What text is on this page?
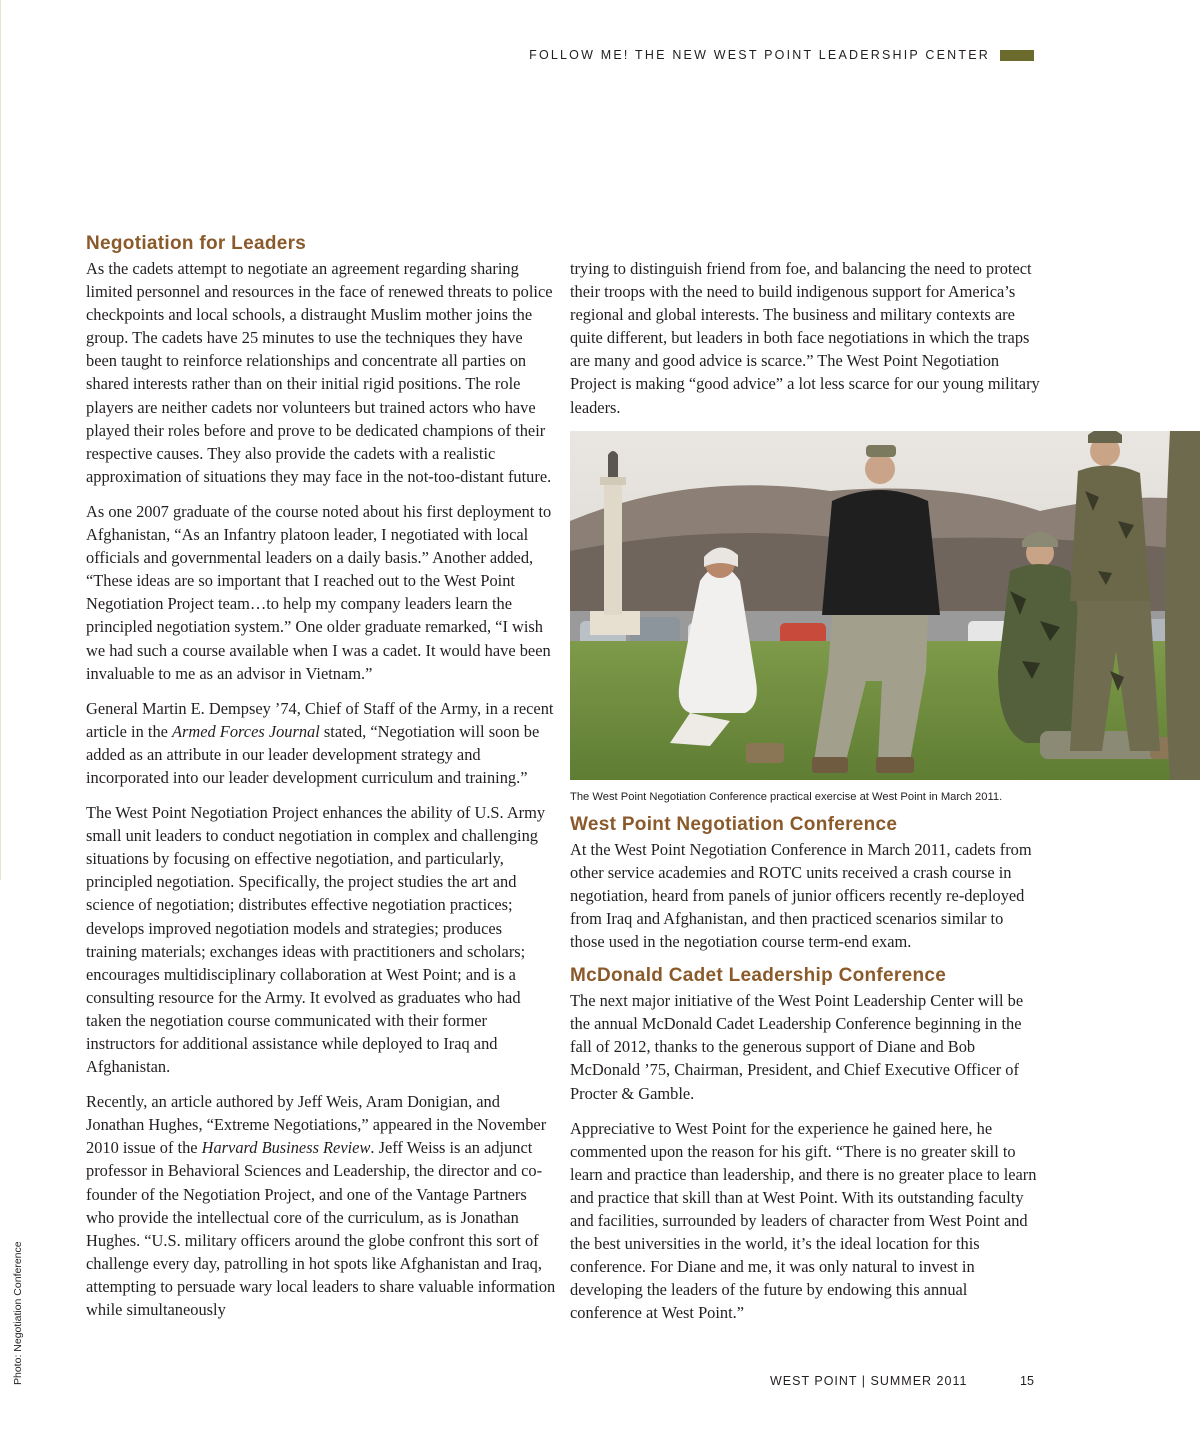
FOLLOW ME! THE NEW WEST POINT LEADERSHIP CENTER
Negotiation for Leaders

As the cadets attempt to negotiate an agreement regarding sharing limited personnel and resources in the face of renewed threats to police checkpoints and local schools, a distraught Muslim mother joins the group. The cadets have 25 minutes to use the techniques they have been taught to reinforce relationships and concentrate all parties on shared interests rather than on their initial rigid positions. The role players are neither cadets nor volunteers but trained actors who have played their roles before and prove to be dedicated champions of their respective causes. They also provide the cadets with a realistic approximation of situations they may face in the not-too-distant future.

As one 2007 graduate of the course noted about his first deployment to Afghanistan, “As an Infantry platoon leader, I negotiated with local officials and governmental leaders on a daily basis.” Another added, “These ideas are so important that I reached out to the West Point Negotiation Project team…to help my company leaders learn the principled negotiation system.” One older graduate remarked, “I wish we had such a course available when I was a cadet. It would have been invaluable to me as an advisor in Vietnam.”

General Martin E. Dempsey ’74, Chief of Staff of the Army, in a recent article in the Armed Forces Journal stated, “Negotiation will soon be added as an attribute in our leader development strategy and incorporated into our leader development curriculum and training.”

The West Point Negotiation Project enhances the ability of U.S. Army small unit leaders to conduct negotiation in complex and challenging situations by focusing on effective negotiation, and particularly, principled negotiation. Specifically, the project studies the art and science of negotiation; distributes effective negotiation practices; develops improved negotiation models and strategies; produces training materials; exchanges ideas with practitioners and scholars; encourages multidisciplinary collaboration at West Point; and is a consulting resource for the Army. It evolved as graduates who had taken the negotiation course communicated with their former instructors for additional assistance while deployed to Iraq and Afghanistan.

Recently, an article authored by Jeff Weis, Aram Donigian, and Jonathan Hughes, “Extreme Negotiations,” appeared in the November 2010 issue of the Harvard Business Review. Jeff Weiss is an adjunct professor in Behavioral Sciences and Leadership, the director and co-founder of the Negotiation Project, and one of the Vantage Partners who provide the intellectual core of the curriculum, as is Jonathan Hughes. “U.S. military officers around the globe confront this sort of challenge every day, patrolling in hot spots like Afghanistan and Iraq, attempting to persuade wary local leaders to share valuable information while simultaneously

trying to distinguish friend from foe, and balancing the need to protect their troops with the need to build indigenous support for America’s regional and global interests. The business and military contexts are quite different, but leaders in both face negotiations in which the traps are many and good advice is scarce.” The West Point Negotiation Project is making “good advice” a lot less scarce for our young military leaders.

The West Point Negotiation Conference practical exercise at West Point in March 2011.
West Point Negotiation Conference

At the West Point Negotiation Conference in March 2011, cadets from other service academies and ROTC units received a crash course in negotiation, heard from panels of junior officers recently re-deployed from Iraq and Afghanistan, and then practiced scenarios similar to those used in the negotiation course term-end exam.

McDonald Cadet Leadership Conference

The next major initiative of the West Point Leadership Center will be the annual McDonald Cadet Leadership Conference beginning in the fall of 2012, thanks to the generous support of Diane and Bob McDonald ’75, Chairman, President, and Chief Executive Officer of Procter & Gamble.

Appreciative to West Point for the experience he gained here, he commented upon the reason for his gift. “There is no greater skill to learn and practice than leadership, and there is no greater place to learn and practice that skill than at West Point. With its outstanding faculty and facilities, surrounded by leaders of character from West Point and the best universities in the world, it’s the ideal location for this conference. For Diane and me, it was only natural to invest in developing the leaders of the future by endowing this annual conference at West Point.”

Photo: Negotiation Conference	WEST POINT | SUMMER 2011	15
